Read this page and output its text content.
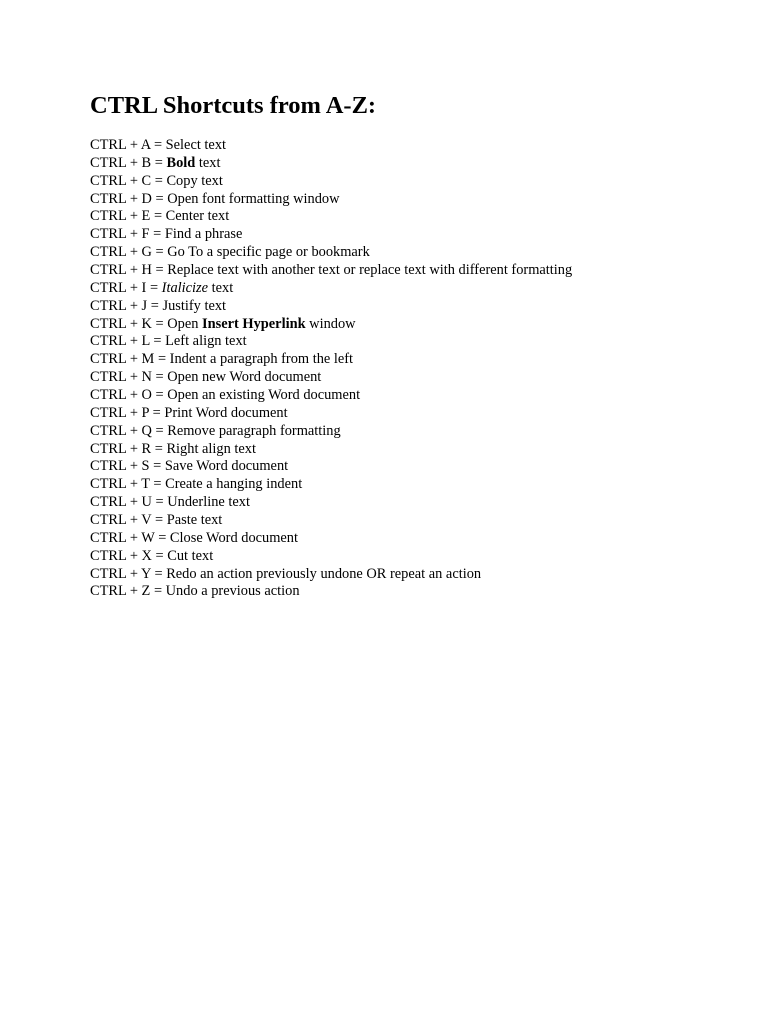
CTRL Shortcuts from A-Z:
CTRL + A = Select text
CTRL + B = Bold text
CTRL + C = Copy text
CTRL + D = Open font formatting window
CTRL + E = Center text
CTRL + F = Find a phrase
CTRL + G = Go To a specific page or bookmark
CTRL + H = Replace text with another text or replace text with different formatting
CTRL + I = Italicize text
CTRL + J = Justify text
CTRL + K = Open Insert Hyperlink window
CTRL + L = Left align text
CTRL + M = Indent a paragraph from the left
CTRL + N = Open new Word document
CTRL + O = Open an existing Word document
CTRL + P = Print Word document
CTRL + Q = Remove paragraph formatting
CTRL + R = Right align text
CTRL + S = Save Word document
CTRL + T = Create a hanging indent
CTRL + U = Underline text
CTRL + V = Paste text
CTRL + W = Close Word document
CTRL + X = Cut text
CTRL + Y = Redo an action previously undone OR repeat an action
CTRL + Z = Undo a previous action
